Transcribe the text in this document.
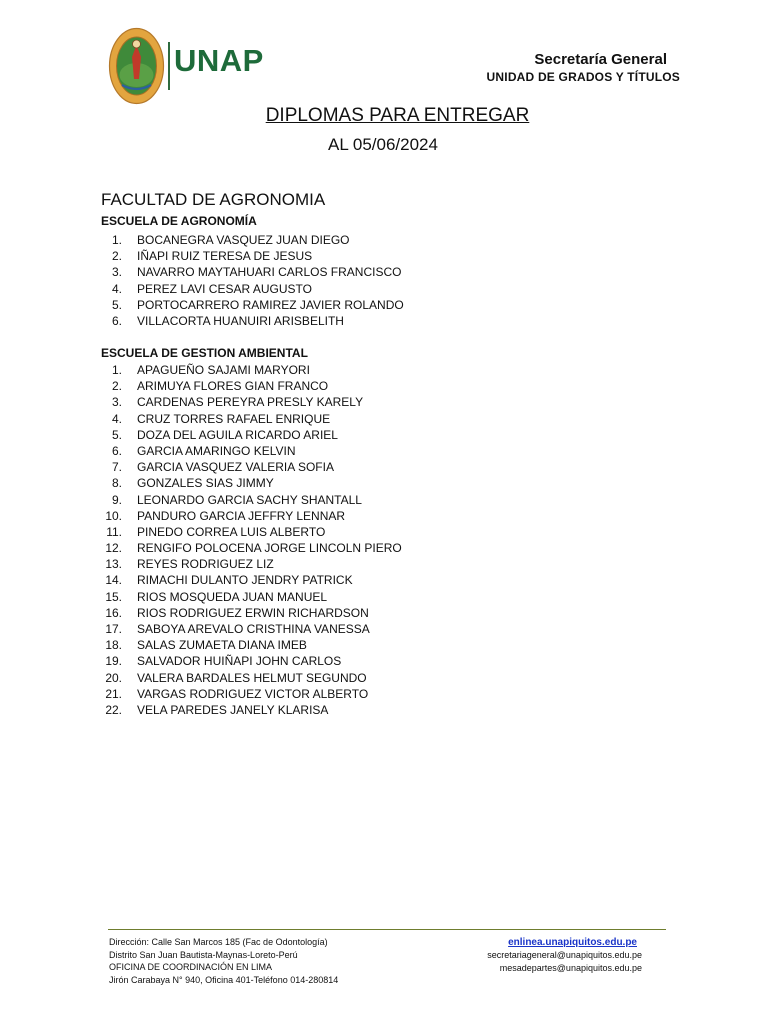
UNAP	Secretaría General
UNIDAD DE GRADOS Y TÍTULOS
DIPLOMAS PARA ENTREGAR
AL 05/06/2024
FACULTAD DE AGRONOMIA
ESCUELA DE AGRONOMÍA
1. BOCANEGRA VASQUEZ JUAN DIEGO
2. IÑAPI RUIZ TERESA DE JESUS
3. NAVARRO MAYTAHUARI CARLOS FRANCISCO
4. PEREZ LAVI CESAR AUGUSTO
5. PORTOCARRERO RAMIREZ JAVIER ROLANDO
6. VILLACORTA HUANUIRI ARISBELITH
ESCUELA DE GESTION AMBIENTAL
1. APAGUEÑO SAJAMI MARYORI
2. ARIMUYA FLORES GIAN FRANCO
3. CARDENAS PEREYRA PRESLY KARELY
4. CRUZ TORRES RAFAEL ENRIQUE
5. DOZA DEL AGUILA RICARDO ARIEL
6. GARCIA AMARINGO KELVIN
7. GARCIA VASQUEZ VALERIA SOFIA
8. GONZALES SIAS JIMMY
9. LEONARDO GARCIA SACHY SHANTALL
10. PANDURO GARCIA JEFFRY LENNAR
11. PINEDO CORREA LUIS ALBERTO
12. RENGIFO POLOCENA JORGE LINCOLN PIERO
13. REYES RODRIGUEZ LIZ
14. RIMACHI DULANTO JENDRY PATRICK
15. RIOS MOSQUEDA JUAN MANUEL
16. RIOS RODRIGUEZ ERWIN RICHARDSON
17. SABOYA AREVALO CRISTHINA VANESSA
18. SALAS ZUMAETA DIANA IMEB
19. SALVADOR HUIÑAPI JOHN CARLOS
20. VALERA BARDALES HELMUT SEGUNDO
21. VARGAS RODRIGUEZ VICTOR ALBERTO
22. VELA PAREDES JANELY KLARISA
Dirección: Calle San Marcos 185 (Fac de Odontología)
Distrito San Juan Bautista-Maynas-Loreto-Perú
OFICINA DE COORDINACIÓN EN LIMA
Jirón Carabaya N° 940, Oficina 401-Teléfono 014-280814
enlinea.unapiquitos.edu.pe
secretariageneral@unapiquitos.edu.pe
mesadepartes@unapiquitos.edu.pe
